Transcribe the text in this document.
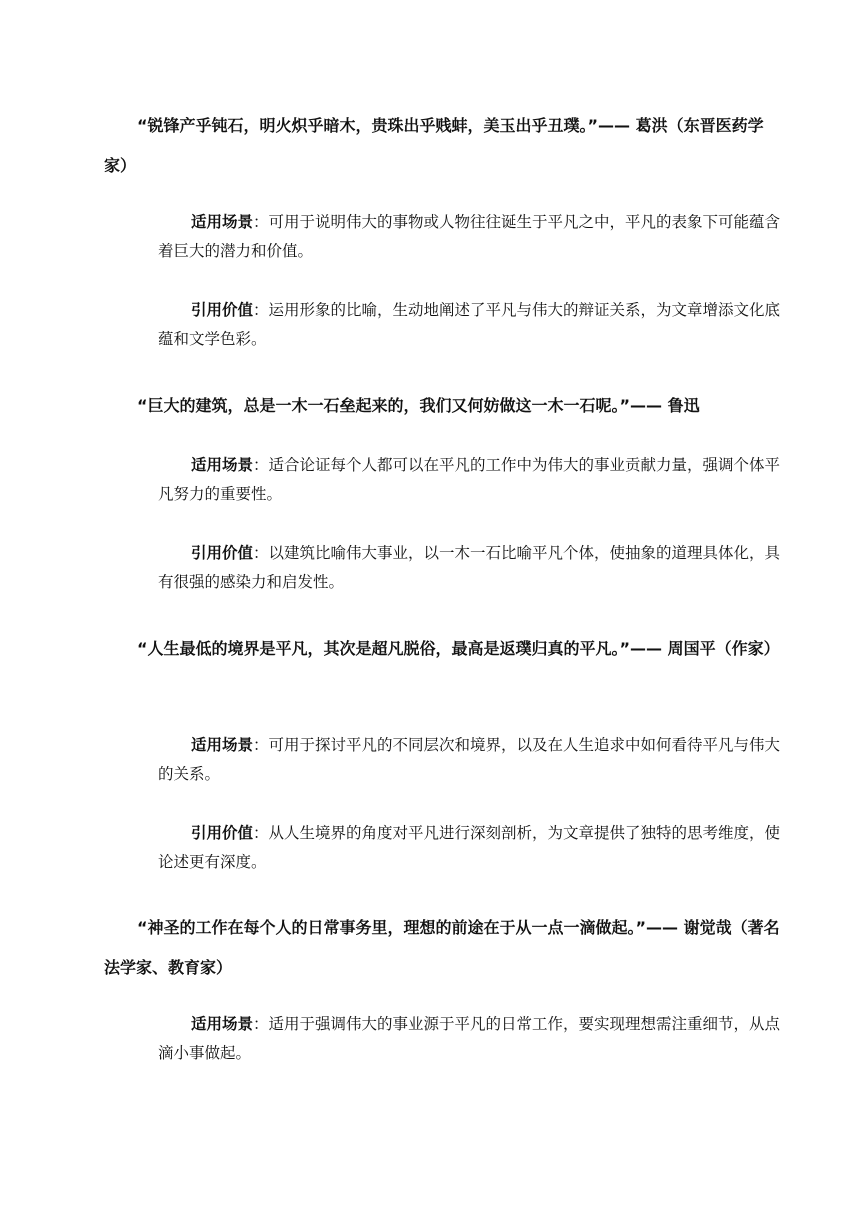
“锐锋产乎钝石，明火炽乎暗木，贵珠出乎贱蚌，美玉出乎丑璞。”—— 葛洪（东晋医药学家）

适用场景：可用于说明伟大的事物或人物往往诞生于平凡之中，平凡的表象下可能蕴含着巨大的潜力和价值。

引用价值：运用形象的比喻，生动地阐述了平凡与伟大的辩证关系，为文章增添文化底蕴和文学色彩。

“巨大的建筑，总是一木一石垒起来的，我们又何妨做这一木一石呢。”—— 鲁迅

适用场景：适合论证每个人都可以在平凡的工作中为伟大的事业贡献力量，强调个体平凡努力的重要性。

引用价值：以建筑比喻伟大事业，以一木一石比喻平凡个体，使抽象的道理具体化，具有很强的感染力和启发性。

“人生最低的境界是平凡，其次是超凡脱俗，最高是返璞归真的平凡。”—— 周国平（作家）

适用场景：可用于探讨平凡的不同层次和境界，以及在人生追求中如何看待平凡与伟大的关系。

引用价值：从人生境界的角度对平凡进行深刻剖析，为文章提供了独特的思考维度，使论述更有深度。

“神圣的工作在每个人的日常事务里，理想的前途在于从一点一滴做起。”—— 谢觉哉（著名法学家、教育家）

适用场景：适用于强调伟大的事业源于平凡的日常工作，要实现理想需注重细节，从点滴小事做起。
